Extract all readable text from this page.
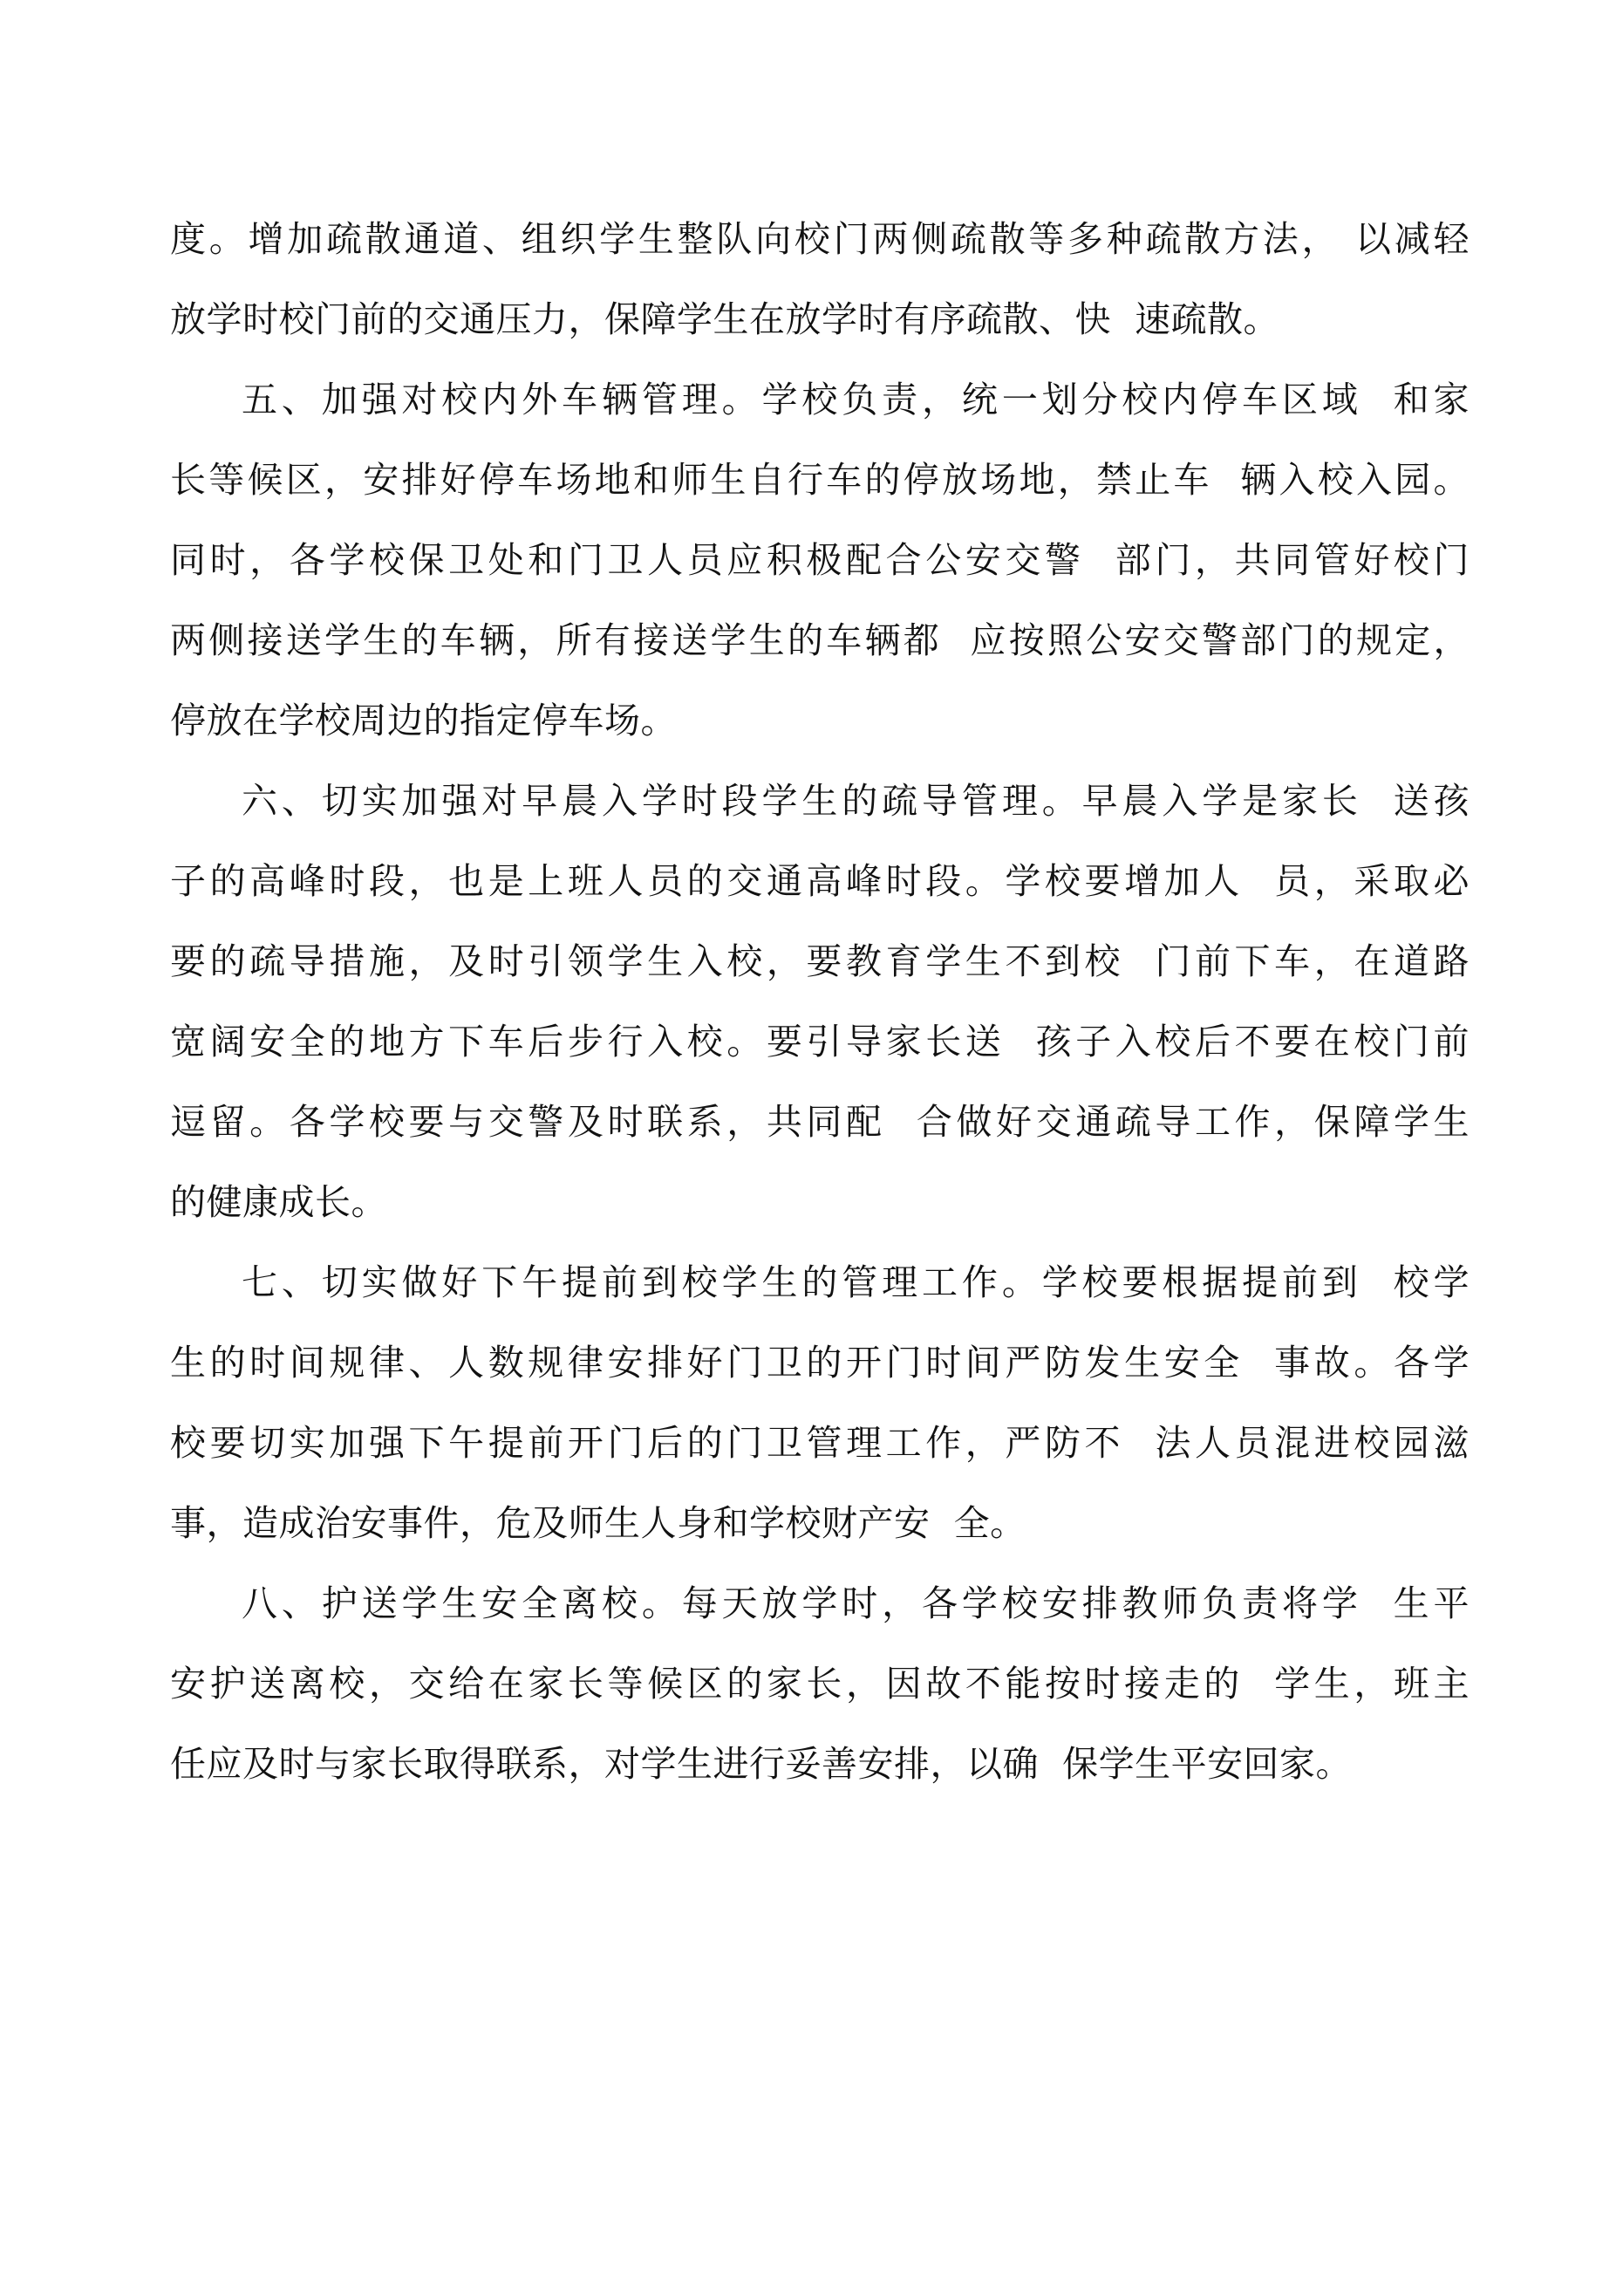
度。增加疏散通道、组织学生整队向校门两侧疏散等多种疏散方法， 以减轻
放学时校门前的交通压力，保障学生在放学时有序疏散、快  速疏散。
五、加强对校内外车辆管理。学校负责，统一划分校内停车区域  和家
长等候区，安排好停车场地和师生自行车的停放场地，禁止车  辆入校入园。
同时，各学校保卫处和门卫人员应积极配合公安交警  部门，共同管好校门
两侧接送学生的车辆，所有接送学生的车辆都  应按照公安交警部门的规定，
停放在学校周边的指定停车场。
六、切实加强对早晨入学时段学生的疏导管理。早晨入学是家长  送孩
子的高峰时段，也是上班人员的交通高峰时段。学校要增加人  员，采取必
要的疏导措施，及时引领学生入校，要教育学生不到校  门前下车，在道路
宽阔安全的地方下车后步行入校。要引导家长送  孩子入校后不要在校门前
逗留。各学校要与交警及时联系，共同配  合做好交通疏导工作，保障学生
的健康成长。
七、切实做好下午提前到校学生的管理工作。学校要根据提前到  校学
生的时间规律、人数规律安排好门卫的开门时间严防发生安全  事故。各学
校要切实加强下午提前开门后的门卫管理工作，严防不  法人员混进校园滋
事，造成治安事件，危及师生人身和学校财产安  全。
八、护送学生安全离校。每天放学时，各学校安排教师负责将学  生平
安护送离校，交给在家长等候区的家长，因故不能按时接走的  学生，班主
任应及时与家长取得联系，对学生进行妥善安排，以确  保学生平安回家。
